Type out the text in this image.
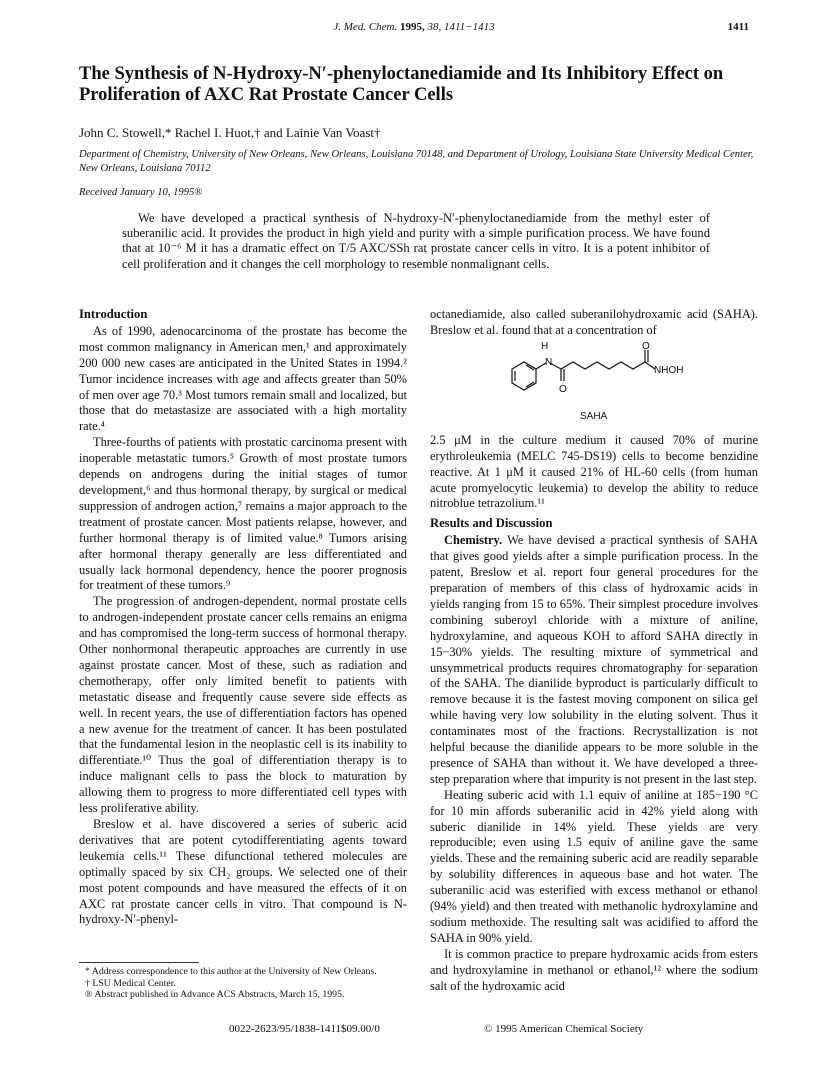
J. Med. Chem. 1995, 38, 1411−1413	1411
The Synthesis of N-Hydroxy-N′-phenyloctanediamide and Its Inhibitory Effect on Proliferation of AXC Rat Prostate Cancer Cells
John C. Stowell,* Rachel I. Huot,† and Lainie Van Voast†
Department of Chemistry, University of New Orleans, New Orleans, Louisiana 70148, and Department of Urology, Louisiana State University Medical Center, New Orleans, Louisiana 70112
Received January 10, 1995®

We have developed a practical synthesis of N-hydroxy-N′-phenyloctanediamide from the methyl ester of suberanilic acid. It provides the product in high yield and purity with a simple purification process. We have found that at 10⁻⁶ M it has a dramatic effect on T/5 AXC/SSh rat prostate cancer cells in vitro. It is a potent inhibitor of cell proliferation and it changes the cell morphology to resemble nonmalignant cells.

Introduction

As of 1990, adenocarcinoma of the prostate has become the most common malignancy in American men,¹ and approximately 200 000 new cases are anticipated in the United States in 1994.² Tumor incidence increases with age and affects greater than 50% of men over age 70.³ Most tumors remain small and localized, but those that do metastasize are associated with a high mortality rate.⁴

Three-fourths of patients with prostatic carcinoma present with inoperable metastatic tumors.⁵ Growth of most prostate tumors depends on androgens during the initial stages of tumor development,⁶ and thus hormonal therapy, by surgical or medical suppression of androgen action,⁷ remains a major approach to the treatment of prostate cancer. Most patients relapse, however, and further hormonal therapy is of limited value.⁸ Tumors arising after hormonal therapy generally are less differentiated and usually lack hormonal dependency, hence the poorer prognosis for treatment of these tumors.⁹

The progression of androgen-dependent, normal prostate cells to androgen-independent prostate cancer cells remains an enigma and has compromised the long-term success of hormonal therapy. Other nonhormonal therapeutic approaches are currently in use against prostate cancer. Most of these, such as radiation and chemotherapy, offer only limited benefit to patients with metastatic disease and frequently cause severe side effects as well. In recent years, the use of differentiation factors has opened a new avenue for the treatment of cancer. It has been postulated that the fundamental lesion in the neoplastic cell is its inability to differentiate.¹⁰ Thus the goal of differentiation therapy is to induce malignant cells to pass the block to maturation by allowing them to progress to more differentiated cell types with less proliferative ability.

Breslow et al. have discovered a series of suberic acid derivatives that are potent cytodifferentiating agents toward leukemia cells.¹¹ These difunctional tethered molecules are optimally spaced by six CH₂ groups. We selected one of their most potent compounds and have measured the effects of it on AXC rat prostate cancer cells in vitro. That compound is N-hydroxy-N′-phenyl-

octanediamide, also called suberanilohydroxamic acid (SAHA). Breslow et al. found that at a concentration of

H
N
O
O
NHOH
SAHA

2.5 μM in the culture medium it caused 70% of murine erythroleukemia (MELC 745-DS19) cells to become benzidine reactive. At 1 μM it caused 21% of HL-60 cells (from human acute promyelocytic leukemia) to develop the ability to reduce nitroblue tetrazolium.¹¹

Results and Discussion

Chemistry. We have devised a practical synthesis of SAHA that gives good yields after a simple purification process. In the patent, Breslow et al. report four general procedures for the preparation of members of this class of hydroxamic acids in yields ranging from 15 to 65%. Their simplest procedure involves combining suberoyl chloride with a mixture of aniline, hydroxylamine, and aqueous KOH to afford SAHA directly in 15−30% yields. The resulting mixture of symmetrical and unsymmetrical products requires chromatography for separation of the SAHA. The dianilide byproduct is particularly difficult to remove because it is the fastest moving component on silica gel while having very low solubility in the eluting solvent. Thus it contaminates most of the fractions. Recrystallization is not helpful because the dianilide appears to be more soluble in the presence of SAHA than without it. We have developed a three-step preparation where that impurity is not present in the last step.

Heating suberic acid with 1.1 equiv of aniline at 185−190 °C for 10 min affords suberanilic acid in 42% yield along with suberic dianilide in 14% yield. These yields are very reproducible; even using 1.5 equiv of aniline gave the same yields. These and the remaining suberic acid are readily separable by solubility differences in aqueous base and hot water. The suberanilic acid was esterified with excess methanol or ethanol (94% yield) and then treated with methanolic hydroxylamine and sodium methoxide. The resulting salt was acidified to afford the SAHA in 90% yield.

It is common practice to prepare hydroxamic acids from esters and hydroxylamine in methanol or ethanol,¹² where the sodium salt of the hydroxamic acid

* Address correspondence to this author at the University of New Orleans.

† LSU Medical Center.

® Abstract published in Advance ACS Abstracts, March 15, 1995.

0022-2623/95/1838-1411$09.00/0	© 1995 American Chemical Society
